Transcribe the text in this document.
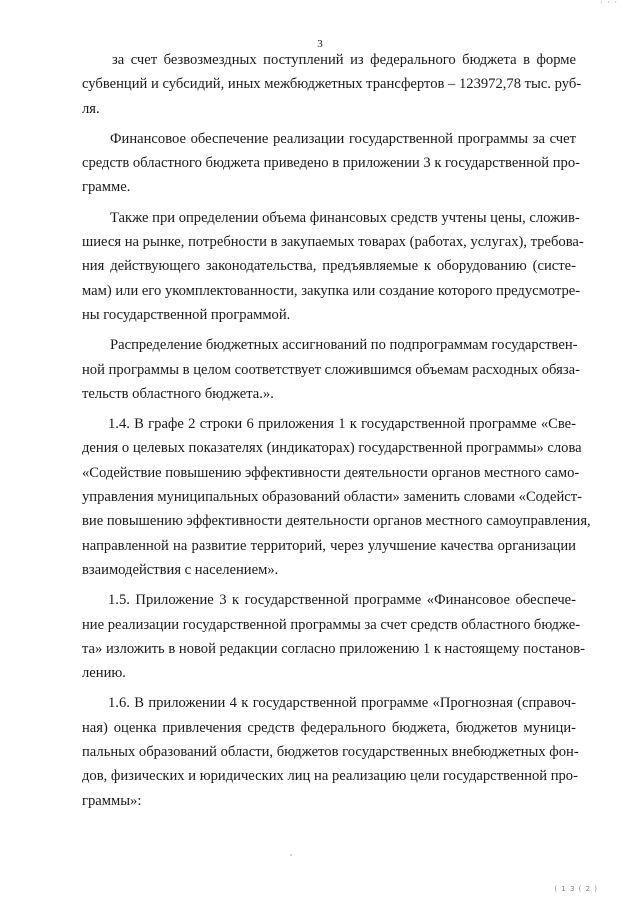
· · ·
3
за счет безвозмездных поступлений из федерального бюджета в форме
субвенций и субсидий, иных межбюджетных трансфертов – 123972,78 тыс. руб-
ля.
Финансовое обеспечение реализации государственной программы за счет
средств областного бюджета приведено в приложении 3 к государственной про-
грамме.
Также при определении объема финансовых средств учтены цены, сложив-
шиеся на рынке, потребности в закупаемых товарах (работах, услугах), требова-
ния действующего законодательства, предъявляемые к оборудованию (систе-
мам) или его укомплектованности, закупка или создание которого предусмотре-
ны государственной программой.
Распределение бюджетных ассигнований по подпрограммам государствен-
ной программы в целом соответствует сложившимся объемам расходных обяза-
тельств областного бюджета.».
1.4. В графе 2 строки 6 приложения 1 к государственной программе «Све-
дения о целевых показателях (индикаторах) государственной программы» слова
«Содействие повышению эффективности деятельности органов местного само-
управления муниципальных образований области» заменить словами «Содейст-
вие повышению эффективности деятельности органов местного самоуправления,
направленной на развитие территорий, через улучшение качества организации
взаимодействия с населением».
1.5. Приложение 3 к государственной программе «Финансовое обеспече-
ние реализации государственной программы за счет средств областного бюдже-
та» изложить в новой редакции согласно приложению 1 к настоящему постанов-
лению.
1.6. В приложении 4 к государственной программе «Прогнозная (справоч-
ная) оценка привлечения средств федерального бюджета, бюджетов муници-
пальных образований области, бюджетов государственных внебюджетных фон-
дов, физических и юридических лиц на реализацию цели государственной про-
граммы»:
( 1 3 ( 2 )
